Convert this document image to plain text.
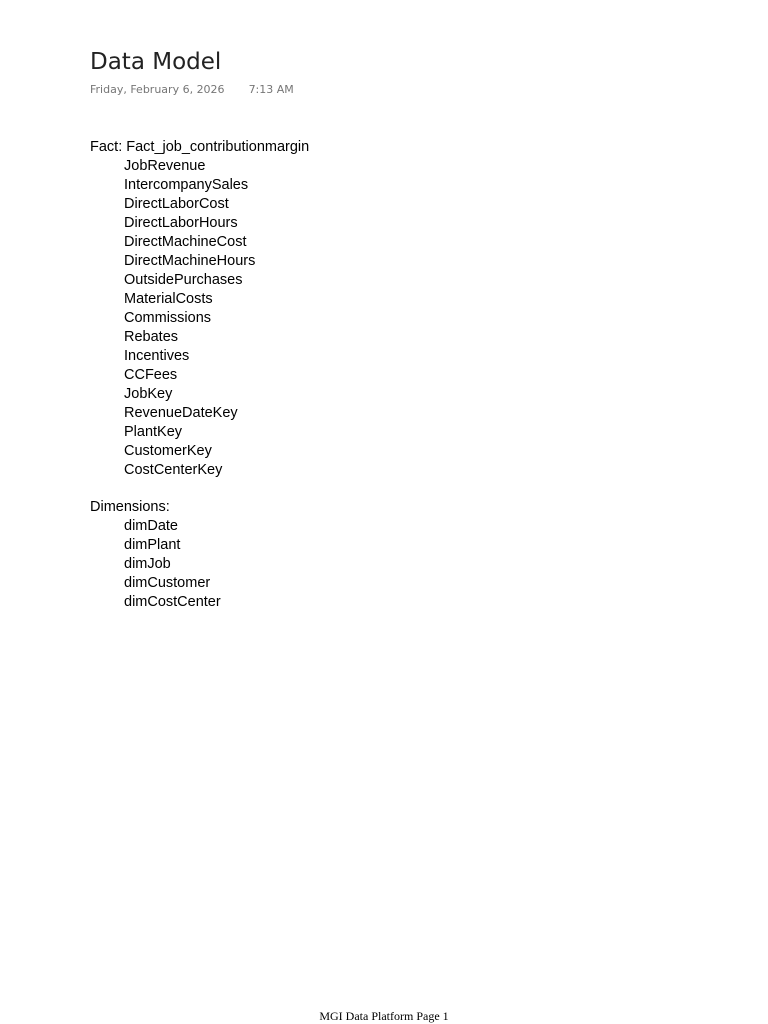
Data Model
Friday, February 6, 2026 7:13 AM
Fact: Fact_job_contributionmargin
JobRevenue
IntercompanySales
DirectLaborCost
DirectLaborHours
DirectMachineCost
DirectMachineHours
OutsidePurchases
MaterialCosts
Commissions
Rebates
Incentives
CCFees
JobKey
RevenueDateKey
PlantKey
CustomerKey
CostCenterKey
Dimensions:
dimDate
dimPlant
dimJob
dimCustomer
dimCostCenter
MGI Data Platform Page 1
